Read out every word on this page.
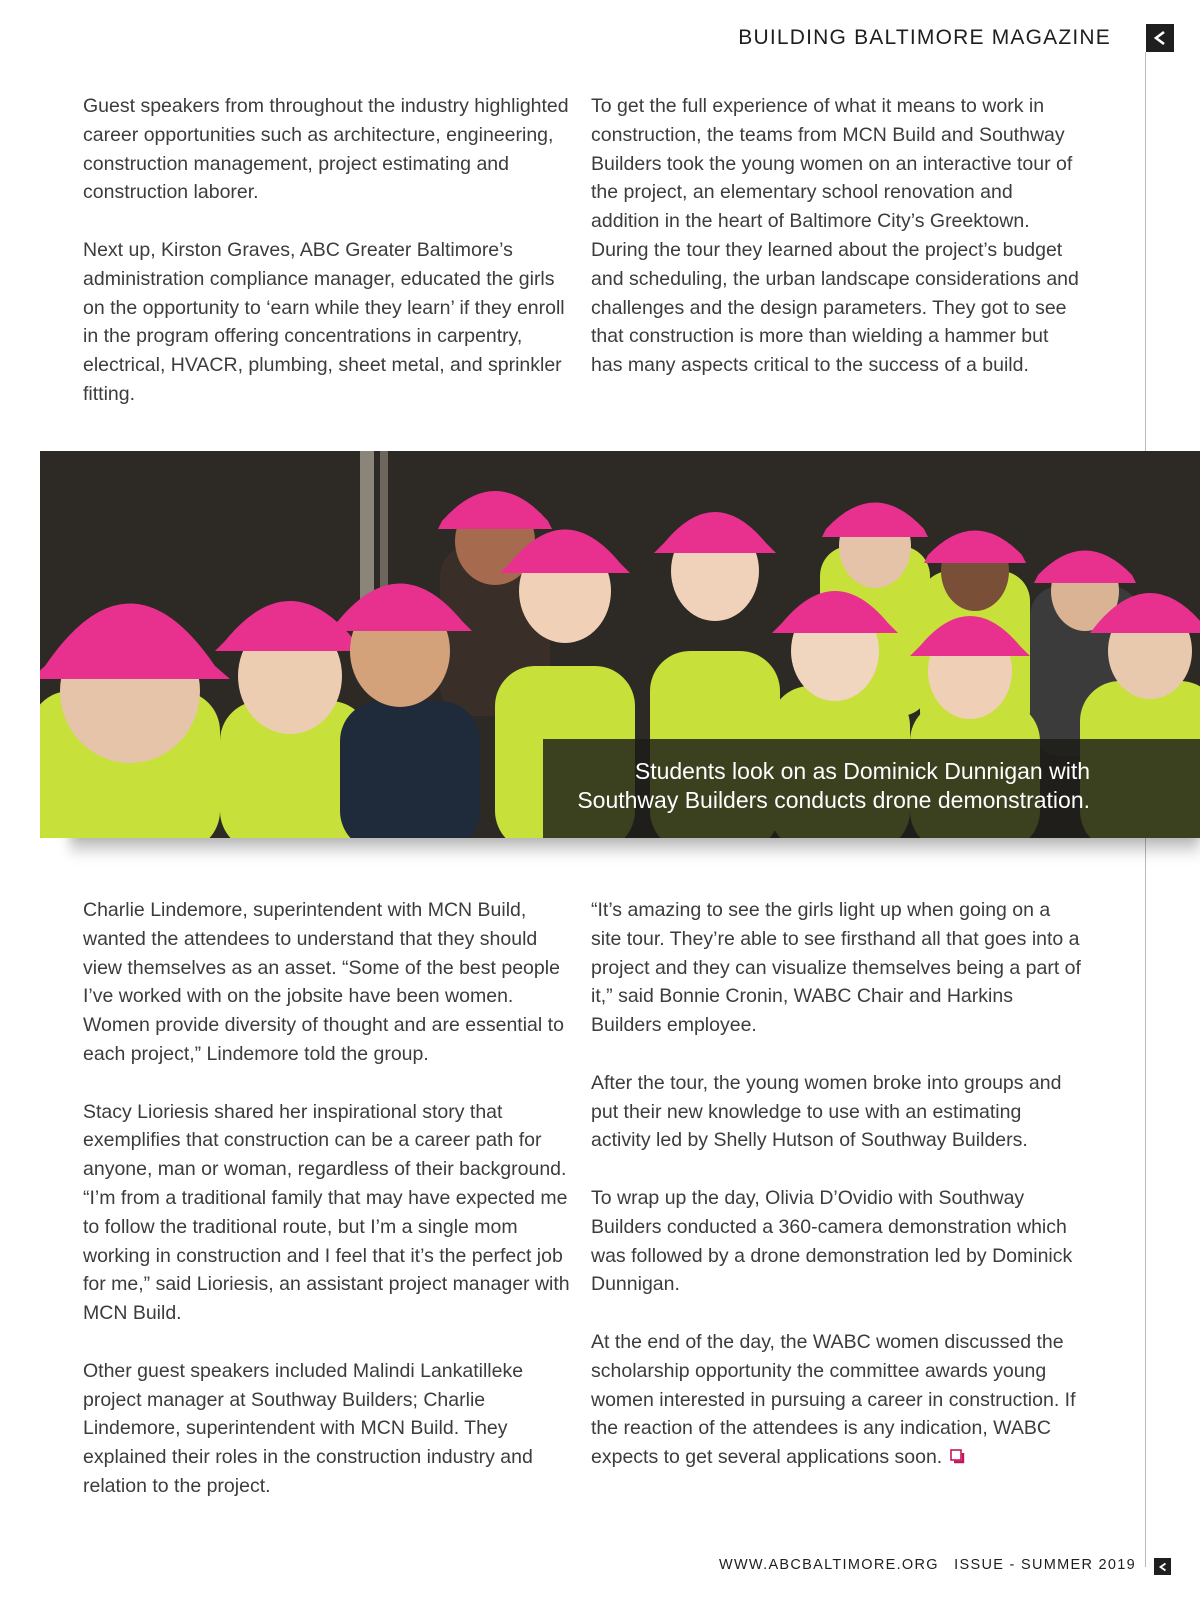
BUILDING BALTIMORE MAGAZINE

Guest speakers from throughout the industry highlighted career opportunities such as architecture, engineering, construction management, project estimating and construction laborer.

Next up, Kirston Graves, ABC Greater Baltimore’s administration compliance manager, educated the girls on the opportunity to ‘earn while they learn’ if they enroll in the program offering concentrations in carpentry, electrical, HVACR, plumbing, sheet metal, and sprinkler fitting.

To get the full experience of what it means to work in construction, the teams from MCN Build and Southway Builders took the young women on an interactive tour of the project, an elementary school renovation and addition in the heart of Baltimore City’s Greektown. During the tour they learned about the project’s budget and scheduling, the urban landscape considerations and challenges and the design parameters. They got to see that construction is more than wielding a hammer but has many aspects critical to the success of a build.

Students look on as Dominick Dunnigan with Southway Builders conducts drone demonstration.

Charlie Lindemore, superintendent with MCN Build, wanted the attendees to understand that they should view themselves as an asset. “Some of the best people I’ve worked with on the jobsite have been women. Women provide diversity of thought and are essential to each project,” Lindemore told the group.

Stacy Lioriesis shared her inspirational story that exemplifies that construction can be a career path for anyone, man or woman, regardless of their background. “I’m from a traditional family that may have expected me to follow the traditional route, but I’m a single mom working in construction and I feel that it’s the perfect job for me,” said Lioriesis, an assistant project manager with MCN Build.

Other guest speakers included Malindi Lankatilleke project manager at Southway Builders; Charlie Lindemore, superintendent with MCN Build. They explained their roles in the construction industry and relation to the project.

“It’s amazing to see the girls light up when going on a site tour. They’re able to see firsthand all that goes into a project and they can visualize themselves being a part of it,” said Bonnie Cronin, WABC Chair and Harkins Builders employee.

After the tour, the young women broke into groups and put their new knowledge to use with an estimating activity led by Shelly Hutson of Southway Builders.

To wrap up the day, Olivia D’Ovidio with Southway Builders conducted a 360-camera demonstration which was followed by a drone demonstration led by Dominick Dunnigan.

At the end of the day, the WABC women discussed the scholarship opportunity the committee awards young women interested in pursuing a career in construction. If the reaction of the attendees is any indication, WABC expects to get several applications soon.

WWW.ABCBALTIMORE.ORG ISSUE - SUMMER 2019
